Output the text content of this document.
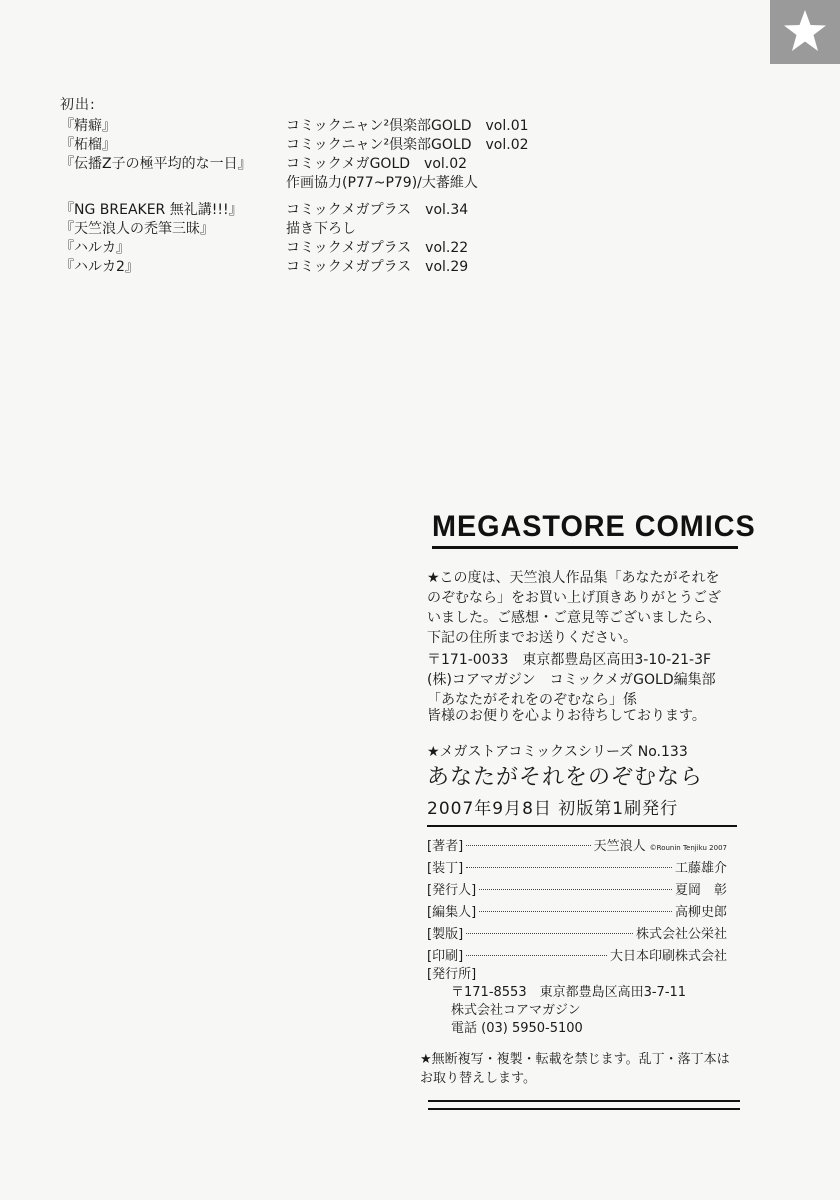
初出:
『精癖』	コミックニャン²倶楽部GOLD vol.01
『柘榴』	コミックニャン²倶楽部GOLD vol.02
『伝播Z子の極平均的な一日』 コミックメガGOLD vol.02
作画協力(P77~P79)/大蕃維人
『NG BREAKER 無礼講!!!』	コミックメガプラス vol.34
『天竺浪人の禿筆三昧』	描き下ろし
『ハルカ』	コミックメガプラス vol.22
『ハルカ2』	コミックメガプラス vol.29
MEGASTORE COMICS
★この度は、天竺浪人作品集「あなたがそれをのぞむなら」をお買い上げ頂きありがとうございました。ご感想・ご意見等ございましたら、下記の住所までお送りください。
〒171-0033　東京都豊島区高田3-10-21-3F
(株)コアマガジン　コミックメガGOLD編集部「あなたがそれをのぞむなら」係
皆様のお便りを心よりお待ちしております。
★メガストアコミックスシリーズ No.133
あなたがそれをのぞむなら
2007年9月8日 初版第1刷発行
[著者]	天竺浪人 ©Rounin Tenjiku 2007
[装丁]	工藤雄介
[発行人]	夏岡　彰
[編集人]	高柳史郎
[製版]	株式会社公栄社
[印刷]	大日本印刷株式会社
[発行所]
〒171-8553　東京都豊島区高田3-7-11
株式会社コアマガジン
電話 (03) 5950-5100
★無断複写・複製・転載を禁じます。乱丁・落丁本はお取り替えします。
